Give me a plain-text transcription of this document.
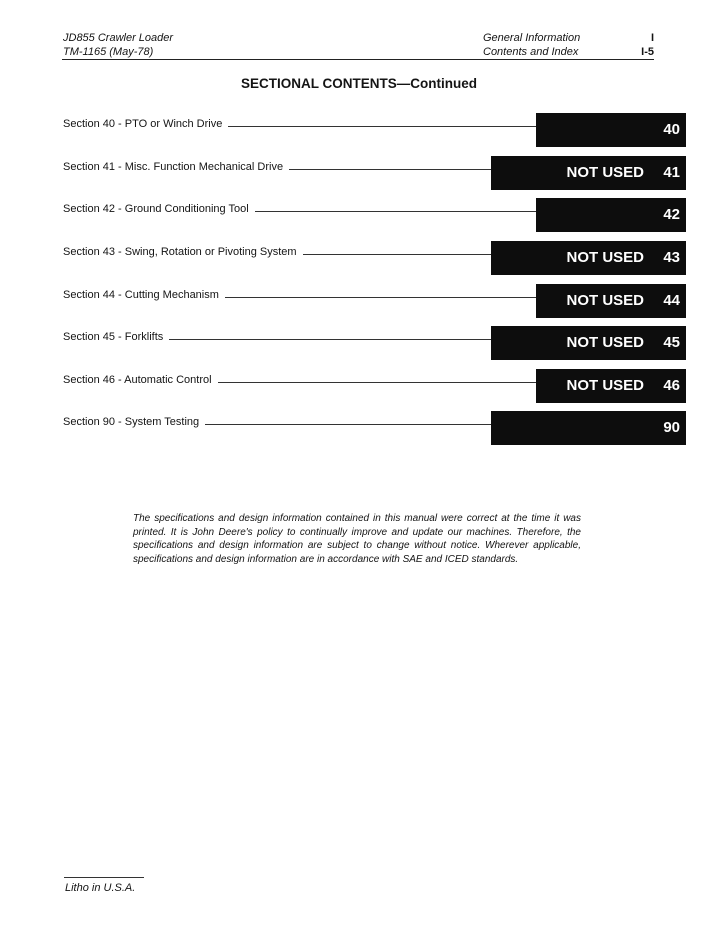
JD855 Crawler Loader
TM-1165 (May-78)
General Information
Contents and Index
I
I-5
SECTIONAL CONTENTS—Continued
Section 40 - PTO or Winch Drive	40
Section 41 - Misc. Function Mechanical Drive	NOT USED 41
Section 42 - Ground Conditioning Tool	42
Section 43 - Swing, Rotation or Pivoting System	NOT USED 43
Section 44 - Cutting Mechanism	NOT USED 44
Section 45 - Forklifts	NOT USED 45
Section 46 - Automatic Control	NOT USED 46
Section 90 - System Testing	90
The specifications and design information contained in this manual were correct at the time it was printed. It is John Deere's policy to continually improve and update our machines. Therefore, the specifications and design information are subject to change without notice. Wherever applicable, specifications and design information are in accordance with SAE and ICED standards.
Litho in U.S.A.
